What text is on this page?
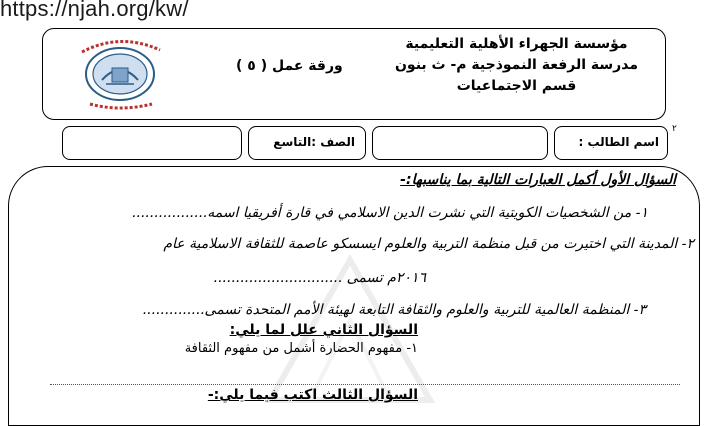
https://njah.org/kw/
ورقة عمل ( ٥ )
مؤسسة الجهراء الأهلية التعليمية
مدرسة الرفعة النموذجية م- ث بنون
قسم الاجتماعيات
الصف :التاسع	اسم الطالب :
٢
السؤال الأول أكمل العبارات التالية بما يناسبها:-
١- من الشخصيات الكويتية التي نشرت الدين الاسلامي في قارة أفريقيا اسمه.................
٢- المدينة التي اختيرت من قبل منظمة التربية والعلوم ايسسكو عاصمة للثقافة الاسلامية عام
٢٠١٦م تسمى .............................
٣- المنظمة العالمية للتربية والعلوم والثقافة التابعة لهيئة الأمم المتحدة تسمى..............
السؤال الثاني علل لما يلي:
١- مفهوم الحضارة أشمل من مفهوم الثقافة
السؤال الثالث اكتب فيما يلي:-
